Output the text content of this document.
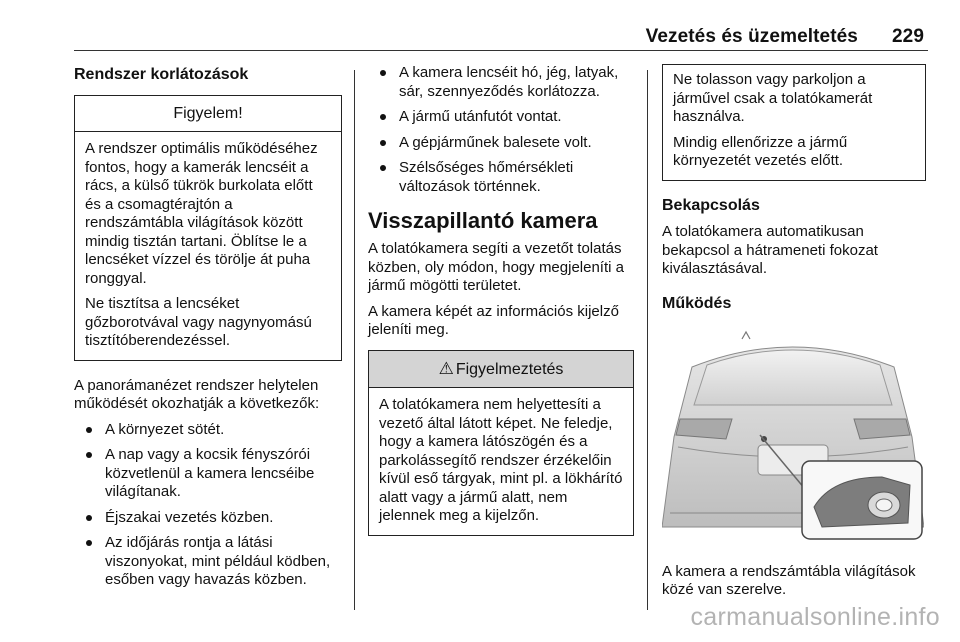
Vezetés és üzemeltetés 229
Rendszer korlátozások
Figyelem!

A rendszer optimális működéséhez fontos, hogy a kamerák lencséit a rács, a külső tükrök burkolata előtt és a csomagtérajtón a rendszámtábla világítások között mindig tisztán tartani. Öblítse le a lencséket vízzel és törölje át puha ronggyal.

Ne tisztítsa a lencséket gőzborotvával vagy nagynyomású tisztítóberendezéssel.

A panorámanézet rendszer helytelen működését okozhatják a következők:

A környezet sötét.
A nap vagy a kocsik fényszórói közvetlenül a kamera lencséibe világítanak.
Éjszakai vezetés közben.
Az időjárás rontja a látási viszonyokat, mint például ködben, esőben vagy havazás közben.
A kamera lencséit hó, jég, latyak, sár, szennyeződés korlátozza.
A jármű utánfutót vontat.
A gépjárműnek balesete volt.
Szélsőséges hőmérsékleti változások történnek.
Visszapillantó kamera

A tolatókamera segíti a vezetőt tolatás közben, oly módon, hogy megjeleníti a jármű mögötti területet.

A kamera képét az információs kijelző jeleníti meg.

⚠ Figyelmeztetés

A tolatókamera nem helyettesíti a vezető által látott képet. Ne feledje, hogy a kamera látószögén és a parkolássegítő rendszer érzékelőin kívül eső tárgyak, mint pl. a lökhárító alatt vagy a jármű alatt, nem jelennek meg a kijelzőn.

Ne tolasson vagy parkoljon a járművel csak a tolatókamerát használva.

Mindig ellenőrizze a jármű környezetét vezetés előtt.

Bekapcsolás

A tolatókamera automatikusan bekapcsol a hátrameneti fokozat kiválasztásával.

Működés

A kamera a rendszámtábla világítások közé van szerelve.

carmanualsonline.info
